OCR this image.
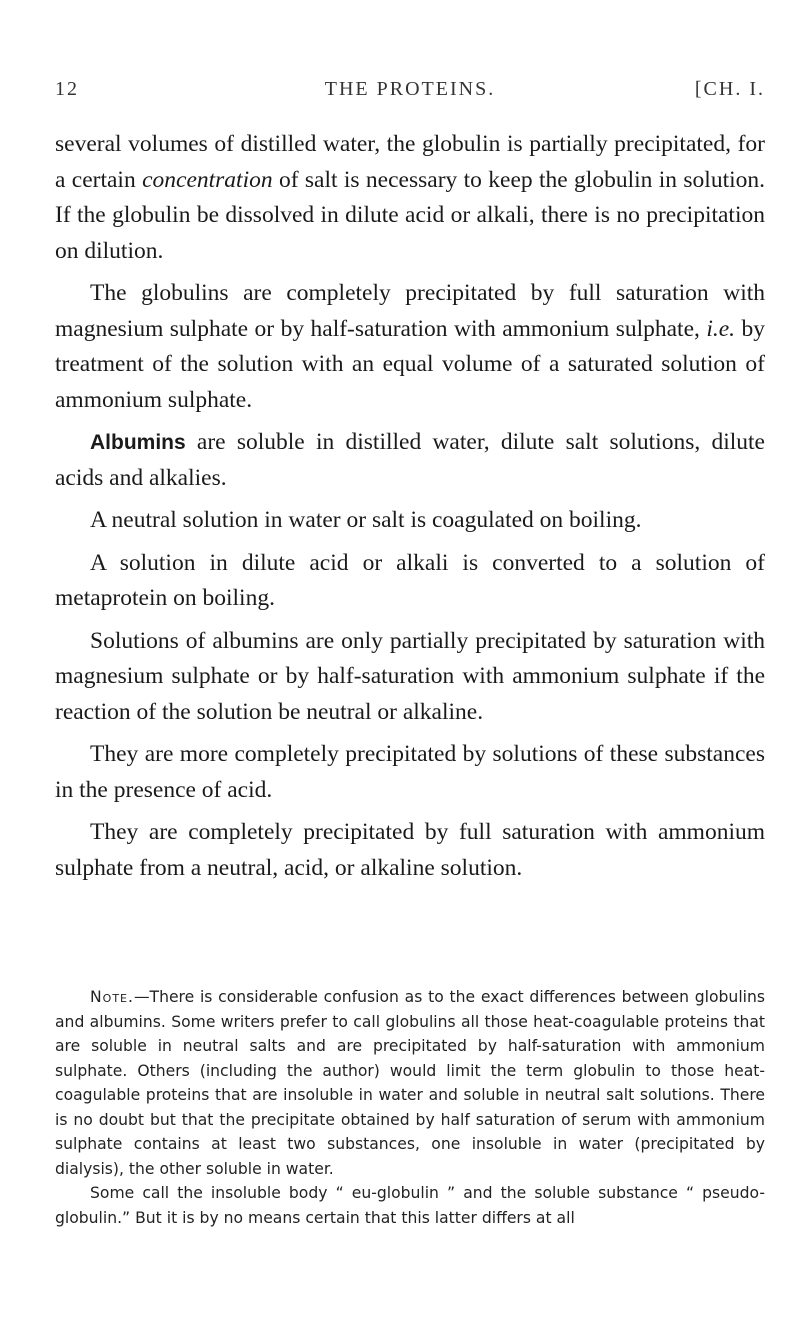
12	THE PROTEINS.	[CH. I.

several volumes of distilled water, the globulin is partially precipitated, for a certain concentration of salt is necessary to keep the globulin in solution. If the globulin be dissolved in dilute acid or alkali, there is no precipitation on dilution.

The globulins are completely precipitated by full saturation with magnesium sulphate or by half-saturation with ammonium sulphate, i.e. by treatment of the solution with an equal volume of a saturated solution of ammonium sulphate.

Albumins are soluble in distilled water, dilute salt solutions, dilute acids and alkalies.

A neutral solution in water or salt is coagulated on boiling.

A solution in dilute acid or alkali is converted to a solution of metaprotein on boiling.

Solutions of albumins are only partially precipitated by saturation with magnesium sulphate or by half-saturation with ammonium sulphate if the reaction of the solution be neutral or alkaline.

They are more completely precipitated by solutions of these substances in the presence of acid.

They are completely precipitated by full saturation with ammonium sulphate from a neutral, acid, or alkaline solution.

Note.—There is considerable confusion as to the exact differences between globulins and albumins. Some writers prefer to call globulins all those heat-coagulable proteins that are soluble in neutral salts and are precipitated by half-saturation with ammonium sulphate. Others (including the author) would limit the term globulin to those heat-coagulable proteins that are insoluble in water and soluble in neutral salt solutions. There is no doubt but that the precipitate obtained by half saturation of serum with ammonium sulphate contains at least two substances, one insoluble in water (precipitated by dialysis), the other soluble in water.

Some call the insoluble body “ eu-globulin ” and the soluble substance “ pseudo-globulin.” But it is by no means certain that this latter differs at all
